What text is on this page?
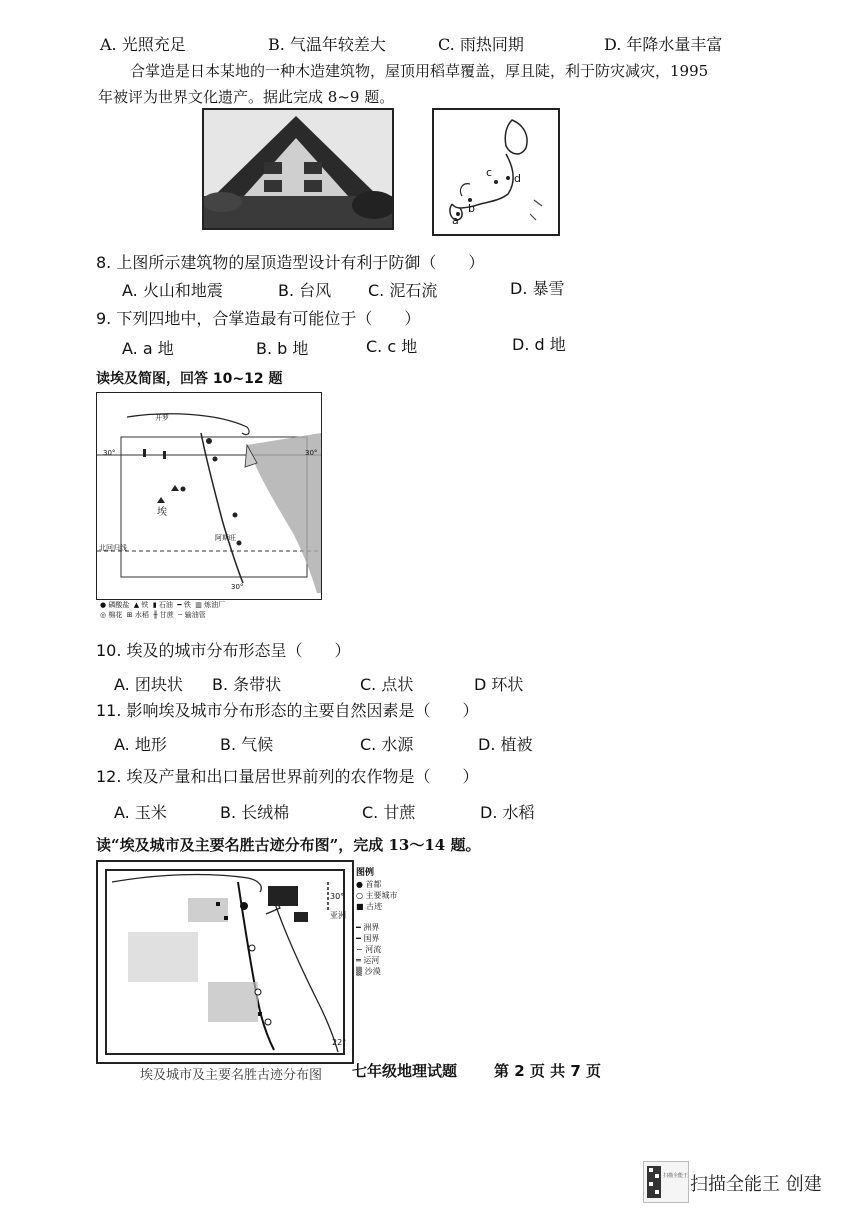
A. 光照充足	B. 气温年较差大	C. 雨热同期	D. 年降水量丰富
合掌造是日本某地的一种木造建筑物，屋顶用稻草覆盖，厚且陡，利于防灾减灾，1995
年被评为世界文化遗产。据此完成 8~9 题。
c d
a
b
8. 上图所示建筑物的屋顶造型设计有利于防御（　　）
A. 火山和地震	B. 台风 C. 泥石流	D. 暴雪
9. 下列四地中，合掌造最有可能位于（　　）
A. a 地	B. b 地	C. c 地	D. d 地
读埃及简图，回答 10~12 题
30°	30°
北回归线
埃
开罗
阿斯旺
30°
● 磷酸盐 ▲ 铁 ▮ 石油 ━ 铁 ▥ 炼油厂
◎ 棉花 ⊞ 水稻 ╫ 甘蔗 ┄ 输油管
10. 埃及的城市分布形态呈（　　）
A. 团块状 B. 条带状	C. 点状	D 环状
11. 影响埃及城市分布形态的主要自然因素是（　　）
A. 地形	B. 气候	C. 水源	D. 植被
12. 埃及产量和出口量居世界前列的农作物是（　　）
A. 玉米	B. 长绒棉	C. 甘蔗	D. 水稻
读“埃及城市及主要名胜古迹分布图”，完成 13～14 题。
30°
亚洲
22°
图例
● 首都
○ 主要城市
■ 古迹
━ 洲界
━ 国界
∼ 河流
═ 运河
▒ 沙漠
埃及城市及主要名胜古迹分布图 七年级地理试题 第 2 页 共 7 页
扫描全能王 扫描全能王 创建
